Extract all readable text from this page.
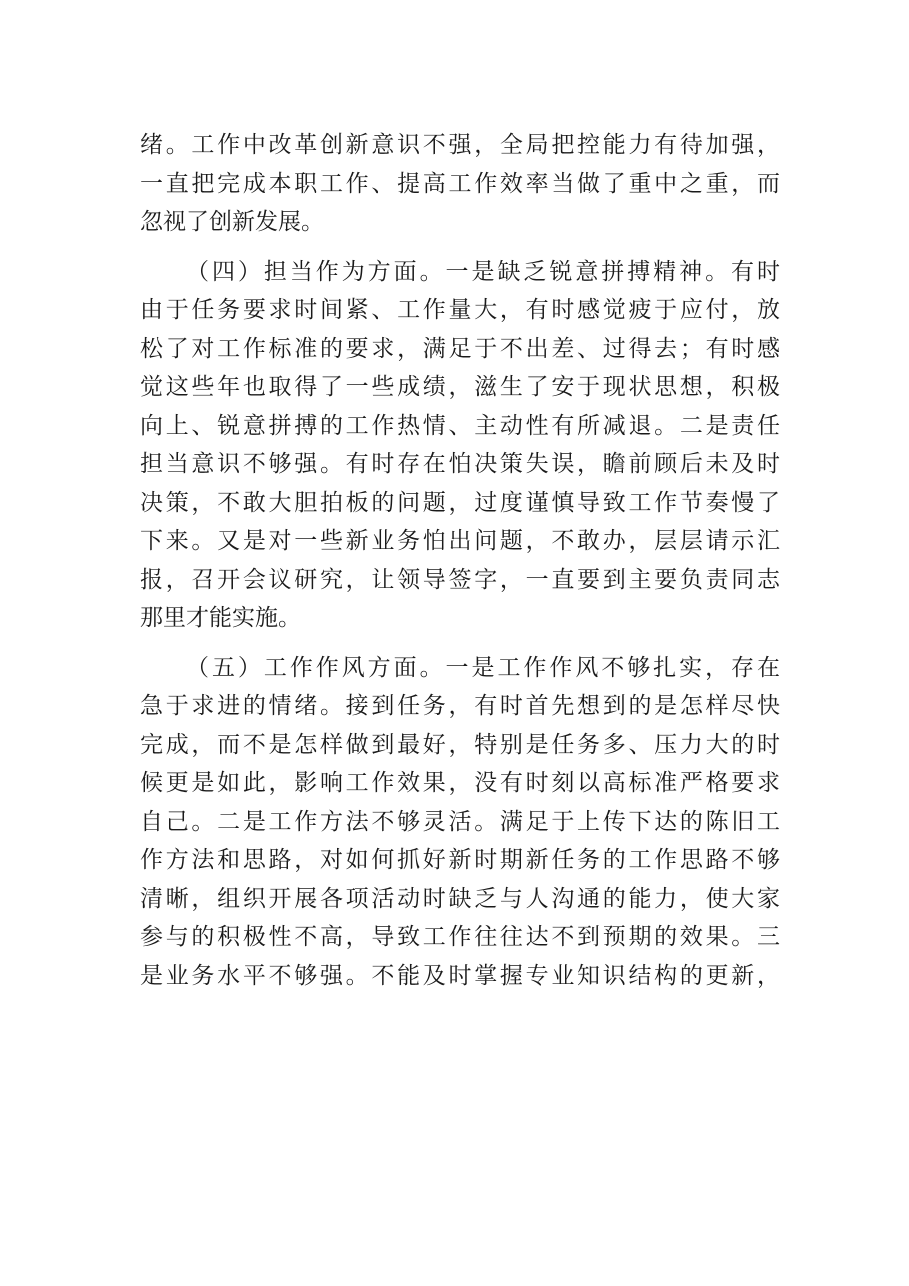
绪。工作中改革创新意识不强，全局把控能力有待加强，
一直把完成本职工作、提高工作效率当做了重中之重，而
忽视了创新发展。
（四）担当作为方面。一是缺乏锐意拼搏精神。有时
由于任务要求时间紧、工作量大，有时感觉疲于应付，放
松了对工作标准的要求，满足于不出差、过得去；有时感
觉这些年也取得了一些成绩，滋生了安于现状思想，积极
向上、锐意拼搏的工作热情、主动性有所减退。二是责任
担当意识不够强。有时存在怕决策失误，瞻前顾后未及时
决策，不敢大胆拍板的问题，过度谨慎导致工作节奏慢了
下来。又是对一些新业务怕出问题，不敢办，层层请示汇
报，召开会议研究，让领导签字，一直要到主要负责同志
那里才能实施。
（五）工作作风方面。一是工作作风不够扎实，存在
急于求进的情绪。接到任务，有时首先想到的是怎样尽快
完成，而不是怎样做到最好，特别是任务多、压力大的时
候更是如此，影响工作效果，没有时刻以高标准严格要求
自己。二是工作方法不够灵活。满足于上传下达的陈旧工
作方法和思路，对如何抓好新时期新任务的工作思路不够
清晰，组织开展各项活动时缺乏与人沟通的能力，使大家
参与的积极性不高，导致工作往往达不到预期的效果。三
是业务水平不够强。不能及时掌握专业知识结构的更新，
